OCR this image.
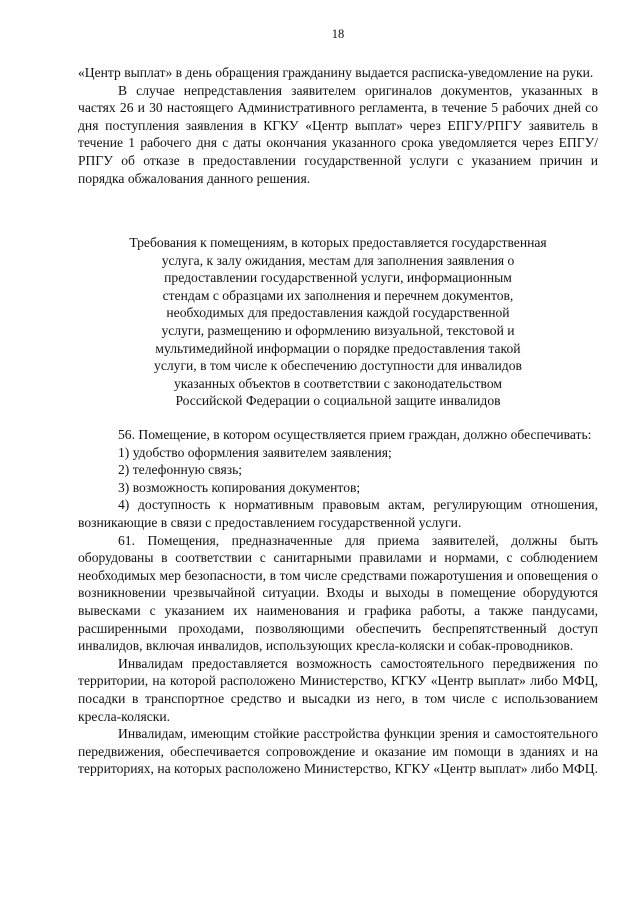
18

«Центр выплат» в день обращения гражданину выдается расписка-уведомление на руки.

В случае непредставления заявителем оригиналов документов, указанных в частях 26 и 30 настоящего Административного регламента, в течение 5 рабочих дней со дня поступления заявления в КГКУ «Центр выплат» через ЕПГУ/РПГУ заявитель в течение 1 рабочего дня с даты окончания указанного срока уведомляется через ЕПГУ/РПГУ об отказе в предоставлении государственной услуги с указанием причин и порядка обжалования данного решения.

Требования к помещениям, в которых предоставляется государственная
услуга, к залу ожидания, местам для заполнения заявления о
предоставлении государственной услуги, информационным
стендам с образцами их заполнения и перечнем документов,
необходимых для предоставления каждой государственной
услуги, размещению и оформлению визуальной, текстовой и
мультимедийной информации о порядке предоставления такой
услуги, в том числе к обеспечению доступности для инвалидов
указанных объектов в соответствии с законодательством
Российской Федерации о социальной защите инвалидов

56. Помещение, в котором осуществляется прием граждан, должно обеспечивать:

1) удобство оформления заявителем заявления;

2) телефонную связь;

3) возможность копирования документов;

4) доступность к нормативным правовым актам, регулирующим отношения, возникающие в связи с предоставлением государственной услуги.

61. Помещения, предназначенные для приема заявителей, должны быть оборудованы в соответствии с санитарными правилами и нормами, с соблюдением необходимых мер безопасности, в том числе средствами пожаротушения и оповещения о возникновении чрезвычайной ситуации. Входы и выходы в помещение оборудуются вывесками с указанием их наименования и графика работы, а также пандусами, расширенными проходами, позволяющими обеспечить беспрепятственный доступ инвалидов, включая инвалидов, использующих кресла-коляски и собак-проводников.

Инвалидам предоставляется возможность самостоятельного передвижения по территории, на которой расположено Министерство, КГКУ «Центр выплат» либо МФЦ, посадки в транспортное средство и высадки из него, в том числе с использованием кресла-коляски.

Инвалидам, имеющим стойкие расстройства функции зрения и самостоятельного передвижения, обеспечивается сопровождение и оказание им помощи в зданиях и на территориях, на которых расположено Министерство, КГКУ «Центр выплат» либо МФЦ.
